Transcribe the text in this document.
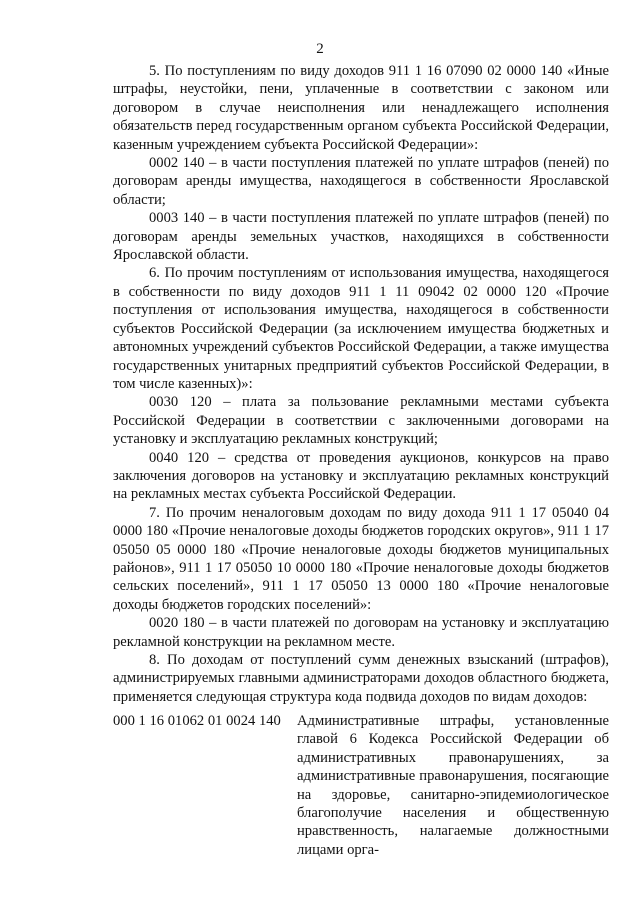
2

5. По поступлениям по виду доходов 911 1 16 07090 02 0000 140 «Иные штрафы, неустойки, пени, уплаченные в соответствии с законом или договором в случае неисполнения или ненадлежащего исполнения обязательств перед государственным органом субъекта Российской Федерации, казенным учреждением субъекта Российской Федерации»:

0002 140 – в части поступления платежей по уплате штрафов (пеней) по договорам аренды имущества, находящегося в собственности Ярославской области;

0003 140 – в части поступления платежей по уплате штрафов (пеней) по договорам аренды земельных участков, находящихся в собственности Ярославской области.

6. По прочим поступлениям от использования имущества, находящегося в собственности по виду доходов 911 1 11 09042 02 0000 120 «Прочие поступления от использования имущества, находящегося в собственности субъектов Российской Федерации (за исключением имущества бюджетных и автономных учреждений субъектов Российской Федерации, а также имущества государственных унитарных предприятий субъектов Российской Федерации, в том числе казенных)»:

0030 120 – плата за пользование рекламными местами субъекта Российской Федерации в соответствии с заключенными договорами на установку и эксплуатацию рекламных конструкций;

0040 120 – средства от проведения аукционов, конкурсов на право заключения договоров на установку и эксплуатацию рекламных конструкций на рекламных местах субъекта Российской Федерации.

7. По прочим неналоговым доходам по виду дохода 911 1 17 05040 04 0000 180 «Прочие неналоговые доходы бюджетов городских округов», 911 1 17 05050 05 0000 180 «Прочие неналоговые доходы бюджетов муниципальных районов», 911 1 17 05050 10 0000 180 «Прочие неналоговые доходы бюджетов сельских поселений», 911 1 17 05050 13 0000 180 «Прочие неналоговые доходы бюджетов городских поселений»:

0020 180 – в части платежей по договорам на установку и эксплуатацию рекламной конструкции на рекламном месте.

8. По доходам от поступлений сумм денежных взысканий (штрафов), администрируемых главными администраторами доходов областного бюджета, применяется следующая структура кода подвида доходов по видам доходов:

000 1 16 01062 01 0024 140	Административные штрафы, установленные главой 6 Кодекса Российской Федерации об административных правонарушениях, за административные правонарушения, посягающие на здоровье, санитарно-эпидемиологическое благополучие населения и общественную нравственность, налагаемые должностными лицами орга-
